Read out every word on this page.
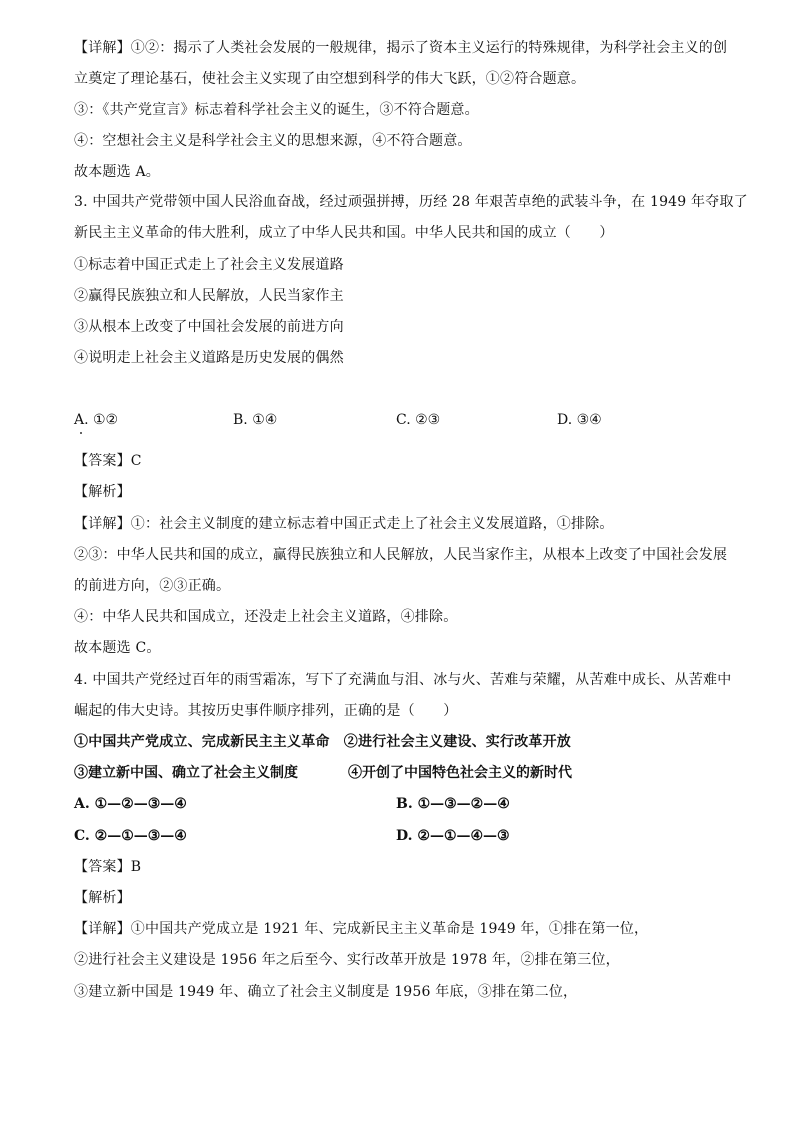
【详解】①②：揭示了人类社会发展的一般规律，揭示了资本主义运行的特殊规律，为科学社会主义的创
立奠定了理论基石，使社会主义实现了由空想到科学的伟大飞跃，①②符合题意。
③：《共产党宣言》标志着科学社会主义的诞生，③不符合题意。
④：空想社会主义是科学社会主义的思想来源，④不符合题意。
故本题选 A。
3. 中国共产党带领中国人民浴血奋战，经过顽强拼搏，历经 28 年艰苦卓绝的武装斗争，在 1949 年夺取了
新民主主义革命的伟大胜利，成立了中华人民共和国。中华人民共和国的成立（　　）
①标志着中国正式走上了社会主义发展道路
②赢得民族独立和人民解放，人民当家作主
③从根本上改变了中国社会发展的前进方向
④说明走上社会主义道路是历史发展的偶然
A. ①②	B. ①④	C. ②③	D. ③④
【答案】C
【解析】
【详解】①：社会主义制度的建立标志着中国正式走上了社会主义发展道路，①排除。
②③：中华人民共和国的成立，赢得民族独立和人民解放，人民当家作主，从根本上改变了中国社会发展
的前进方向，②③正确。
④：中华人民共和国成立，还没走上社会主义道路，④排除。
故本题选 C。
4. 中国共产党经过百年的雨雪霜冻，写下了充满血与泪、冰与火、苦难与荣耀，从苦难中成长、从苦难中
崛起的伟大史诗。其按历史事件顺序排列，正确的是（　　）
①中国共产党成立、完成新民主主义革命　②进行社会主义建设、实行改革开放
③建立新中国、确立了社会主义制度	④开创了中国特色社会主义的新时代
A. ①—②—③—④	B. ①—③—②—④
C. ②—①—③—④	D. ②—①—④—③
【答案】B
【解析】
【详解】①中国共产党成立是 1921 年、完成新民主主义革命是 1949 年，①排在第一位，
②进行社会主义建设是 1956 年之后至今、实行改革开放是 1978 年，②排在第三位，
③建立新中国是 1949 年、确立了社会主义制度是 1956 年底，③排在第二位，
